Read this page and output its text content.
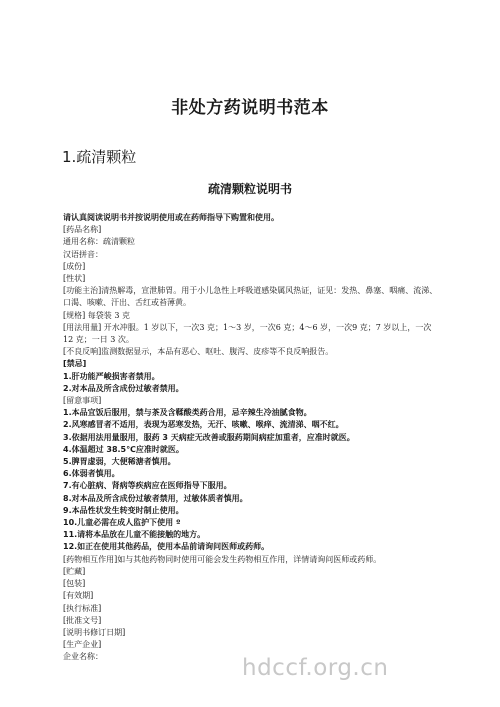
非处方药说明书范本
1.疏清颗粒
疏清颗粒说明书
请认真阅读说明书并按说明使用或在药师指导下购置和使用。
[药品名称]
通用名称：疏清颗粒
汉语拼音：
[成份]
[性状]
[功能主治]清热解毒，宣泄肺胃。用于小儿急性上呼吸道感染属风热证，证见：发热、鼻塞、咽痛、流涕、口渴、咳嗽、汗出、舌红或苔薄黄。
[规格] 每袋装 3 克
[用法用量] 开水冲服。1 岁以下，一次3 克；1～3 岁，一次6 克；4～6 岁，一次9 克；7 岁以上，一次 12 克；一日 3 次。
[不良反响]监测数据显示，本品有恶心、呕吐、腹泻、皮疹等不良反响报告。
[禁忌]
1.肝功能严峻损害者禁用。
2.对本品及所含成份过敏者禁用。
[留意事项]
1.本品宜饭后服用，禁与茶及含鞣酸类药合用，忌辛辣生冷油腻食物。
2.风寒感冒者不适用，表现为恶寒发热，无汗、咳嗽、喉痒、流清涕、咽不红。
3.依据用法用量服用，服药 3 天病症无改善或服药期间病症加重者，应准时就医。
4.体温超过 38.5℃应准时就医。
5.脾胃虚弱，大便稀溏者慎用。
6.体弱者慎用。
7.有心脏病、肾病等疾病应在医师指导下服用。
8.对本品及所含成份过敏者禁用，过敏体质者慎用。
9.本品性状发生转变时制止使用。
10.儿童必需在成人监护下使用 º
11.请将本品放在儿童不能接触的地方。
12.如正在使用其他药品，使用本品前请询问医师或药师。
[药物相互作用]如与其他药物同时使用可能会发生药物相互作用，详情请询问医师或药师。
[贮藏]
[包装]
[有效期]
[执行标准]
[批准文号]
[说明书修订日期]
[生产企业]
企业名称：	hdccf.org.cn
